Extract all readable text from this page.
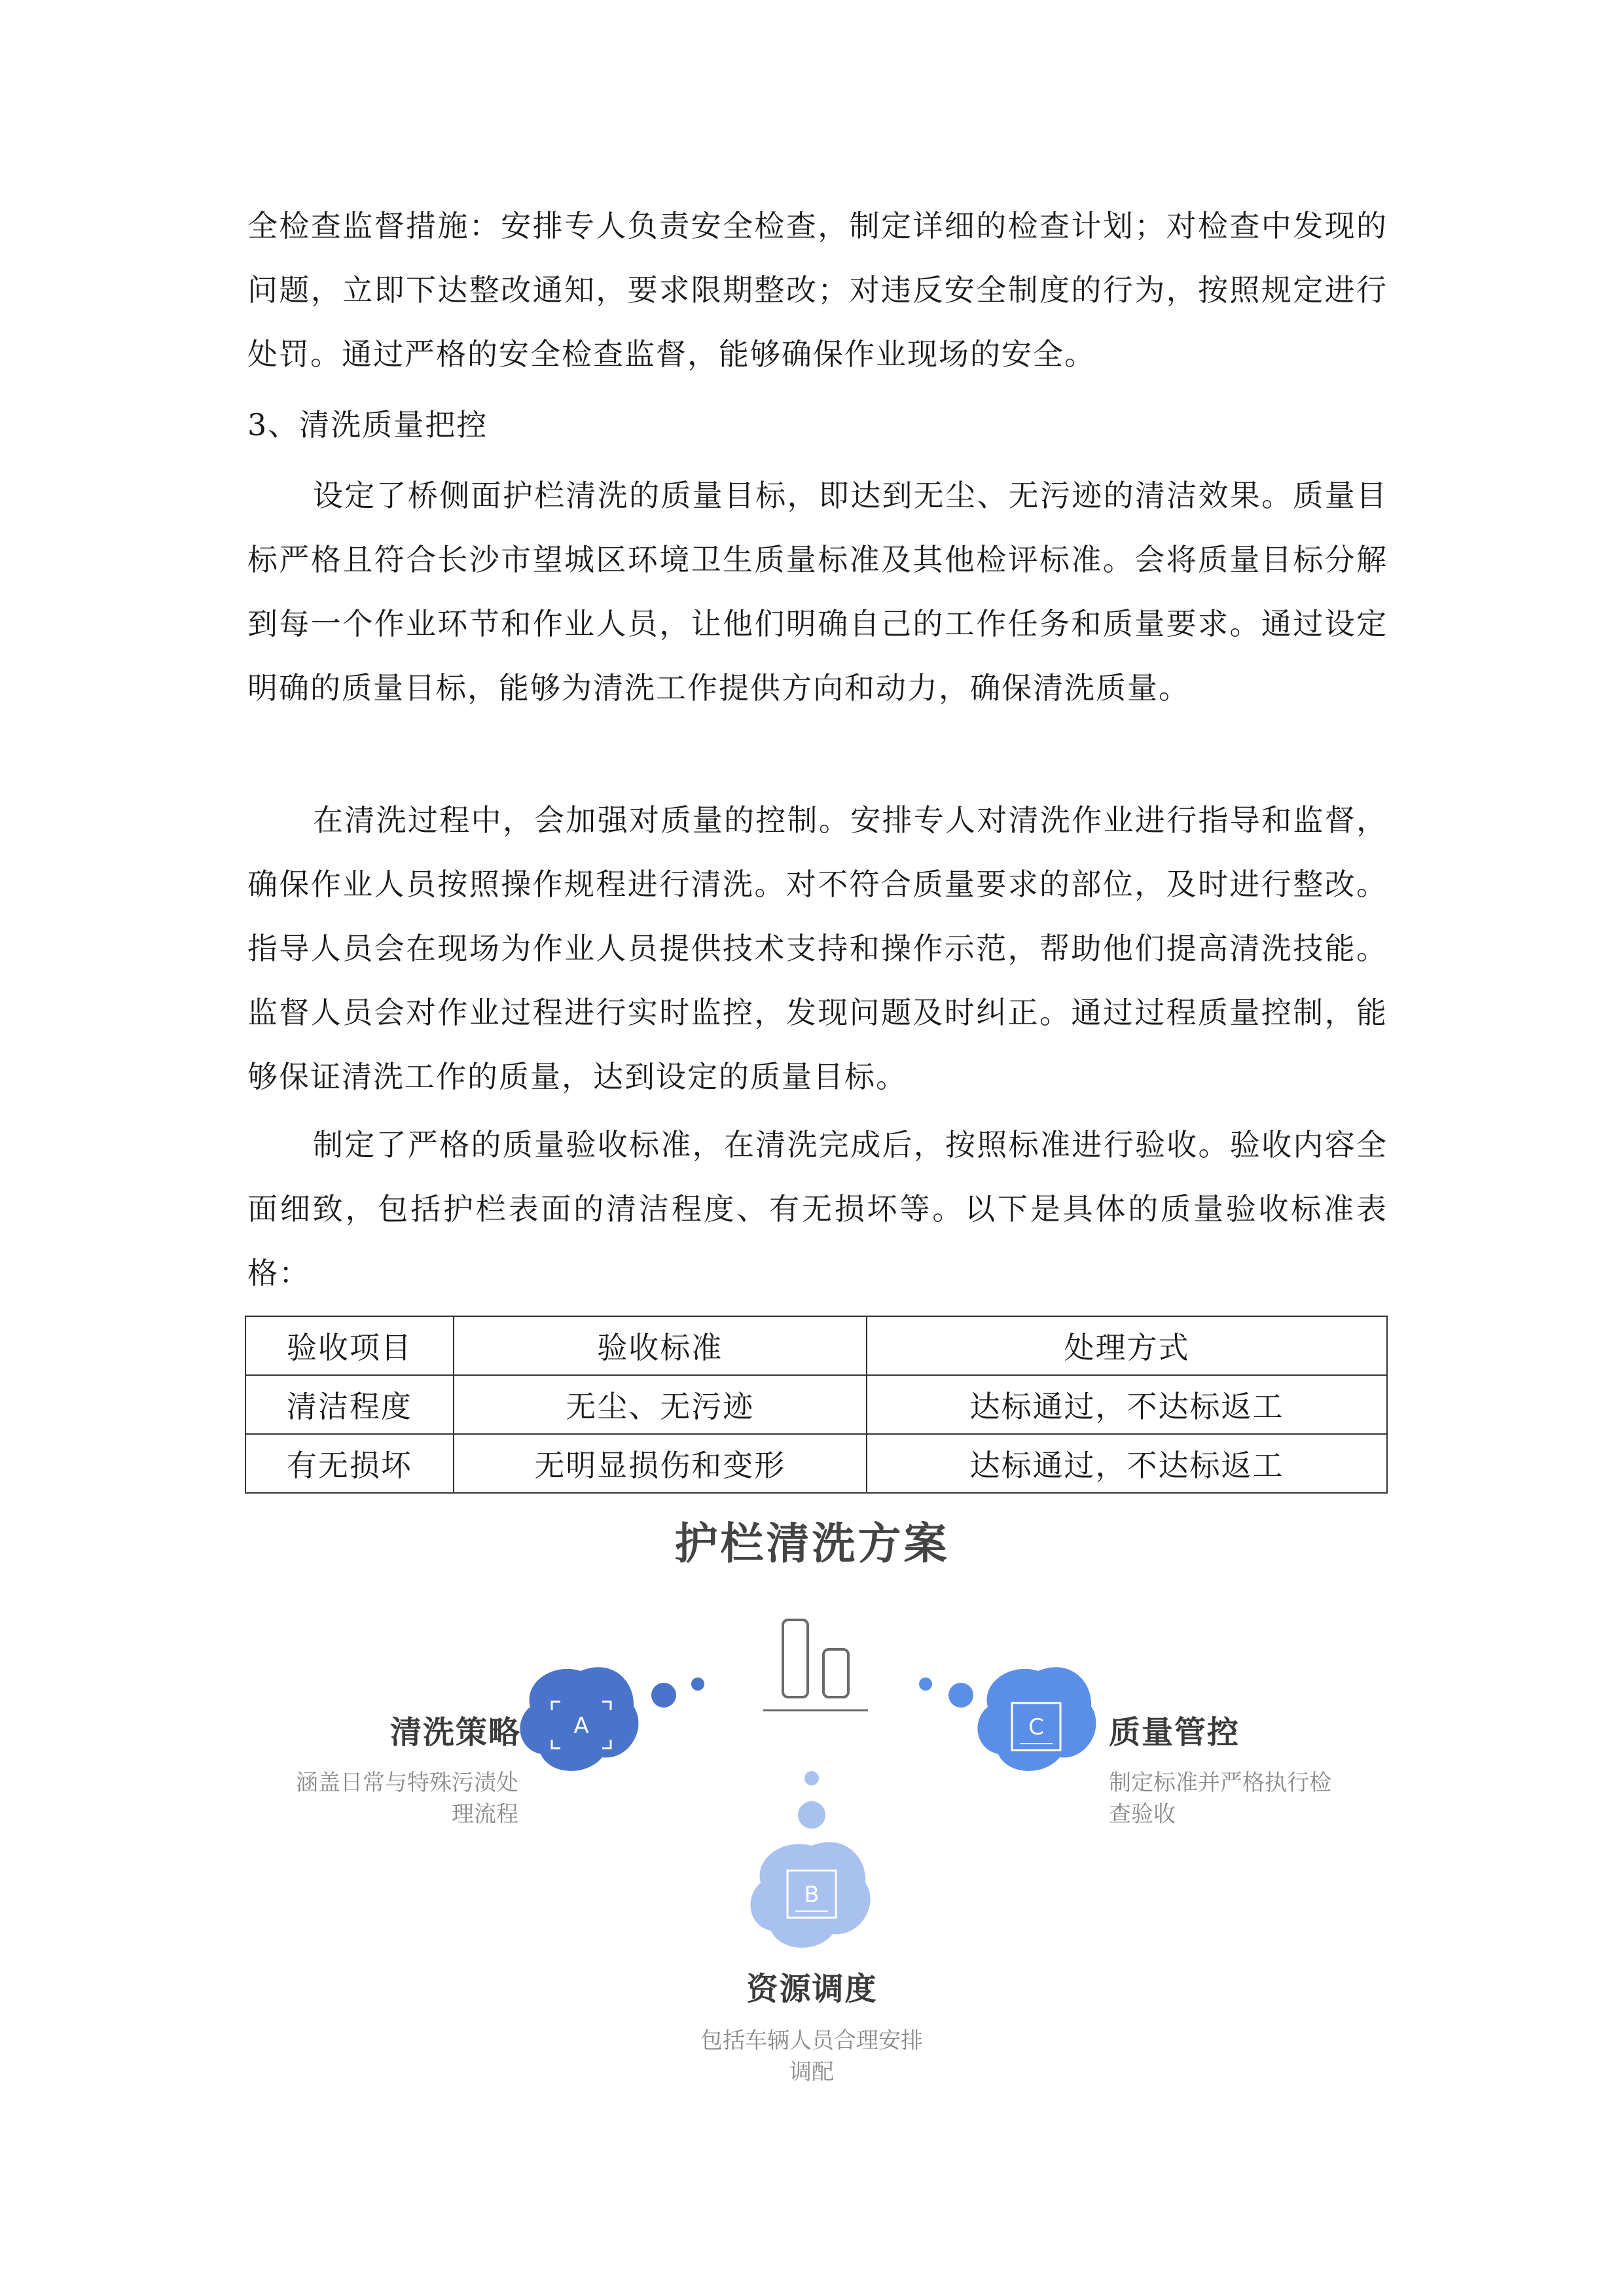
全检查监督措施：安排专人负责安全检查，制定详细的检查计划；对检查中发现的问题，立即下达整改通知，要求限期整改；对违反安全制度的行为，按照规定进行处罚。通过严格的安全检查监督，能够确保作业现场的安全。
3、清洗质量把控
设定了桥侧面护栏清洗的质量目标，即达到无尘、无污迹的清洁效果。质量目标严格且符合长沙市望城区环境卫生质量标准及其他检评标准。会将质量目标分解到每一个作业环节和作业人员，让他们明确自己的工作任务和质量要求。通过设定明确的质量目标，能够为清洗工作提供方向和动力，确保清洗质量。
在清洗过程中，会加强对质量的控制。安排专人对清洗作业进行指导和监督，确保作业人员按照操作规程进行清洗。对不符合质量要求的部位，及时进行整改。指导人员会在现场为作业人员提供技术支持和操作示范，帮助他们提高清洗技能。监督人员会对作业过程进行实时监控，发现问题及时纠正。通过过程质量控制，能够保证清洗工作的质量，达到设定的质量目标。
制定了严格的质量验收标准，在清洗完成后，按照标准进行验收。验收内容全面细致，包括护栏表面的清洁程度、有无损坏等。以下是具体的质量验收标准表格：
验收项目	验收标准	处理方式
清洁程度	无尘、无污迹	达标通过，不达标返工
有无损坏	无明显损伤和变形	达标通过，不达标返工
护栏清洗方案
A	C
B
清洗策略
涵盖日常与特殊污渍处
理流程
质量管控
制定标准并严格执行检
查验收
资源调度
包括车辆人员合理安排
调配
